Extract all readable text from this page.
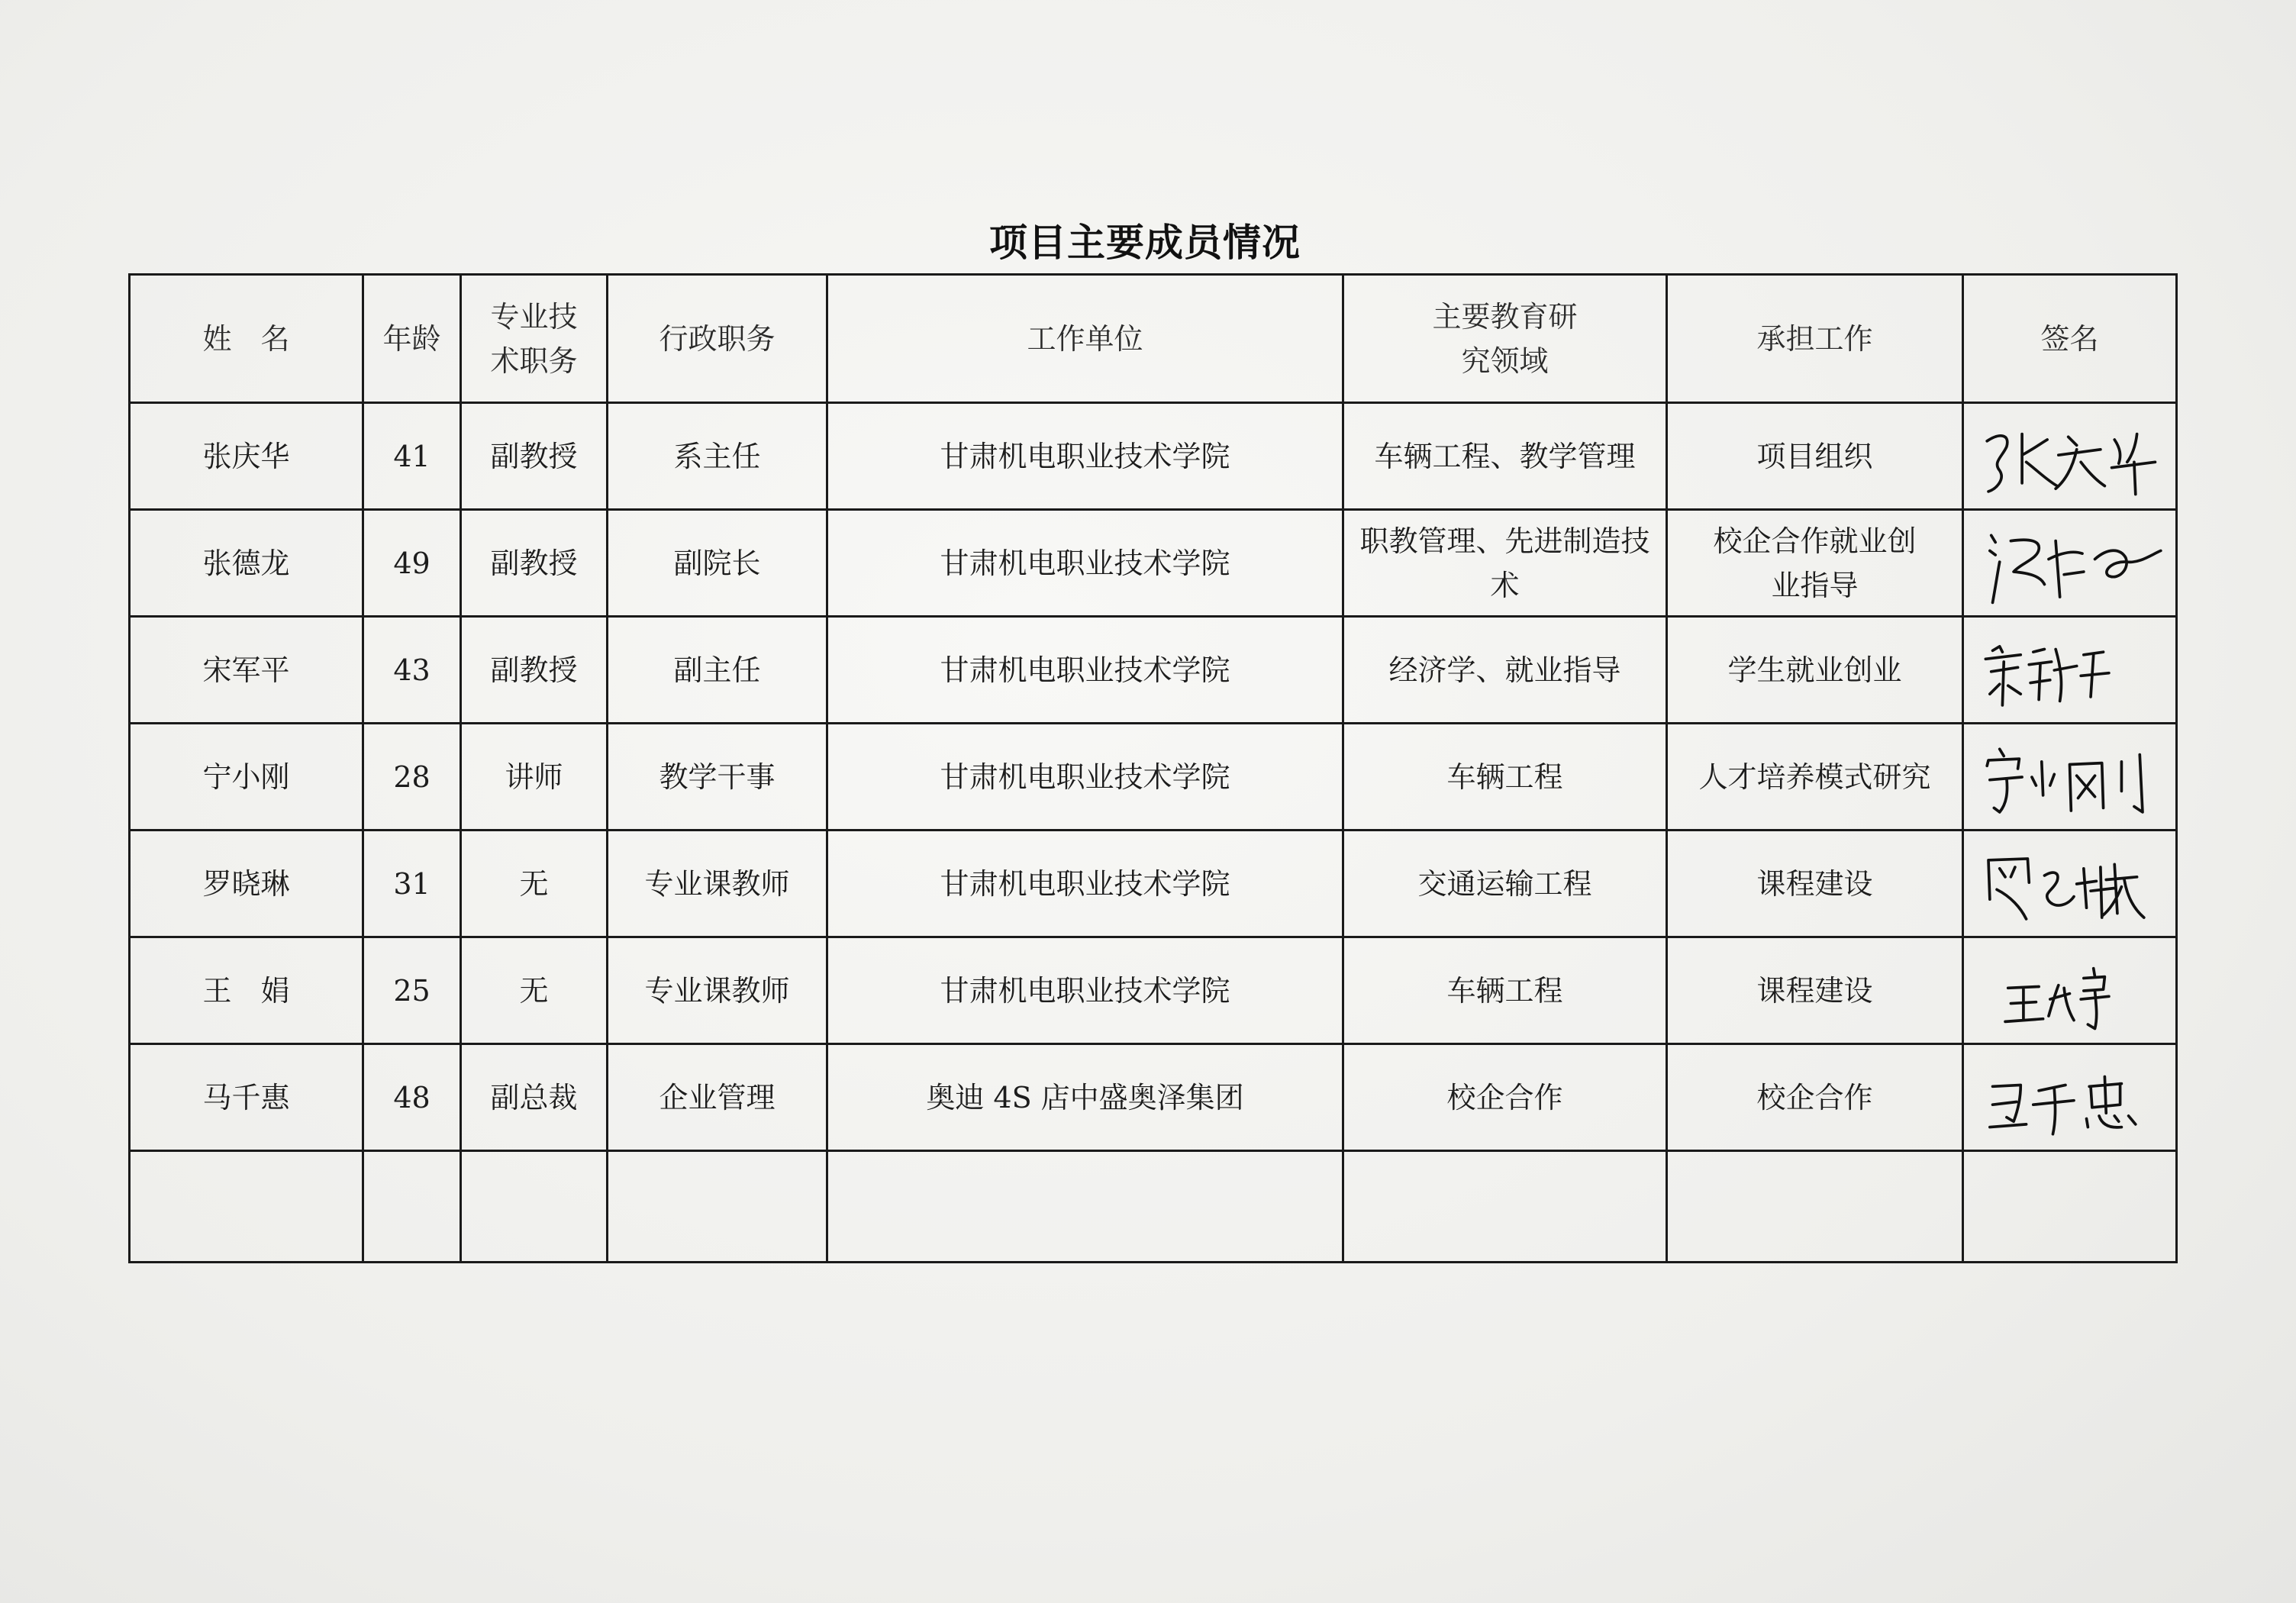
项目主要成员情况
姓　名	年龄	专业技术职务	行政职务	工作单位	主要教育研究领域	承担工作	签名
张庆华	41	副教授	系主任	甘肃机电职业技术学院	车辆工程、教学管理	项目组织	

张德龙	49	副教授	副院长	甘肃机电职业技术学院	职教管理、先进制造技术	校企合作就业创业指导	

宋军平	43	副教授	副主任	甘肃机电职业技术学院	经济学、就业指导	学生就业创业	

宁小刚	28	讲师	教学干事	甘肃机电职业技术学院	车辆工程	人才培养模式研究	

罗晓琳	31	无	专业课教师	甘肃机电职业技术学院	交通运输工程	课程建设	

王　娟	25	无	专业课教师	甘肃机电职业技术学院	车辆工程	课程建设	

马千惠	48	副总裁	企业管理	奥迪 4S 店中盛奥泽集团	校企合作	校企合作	
